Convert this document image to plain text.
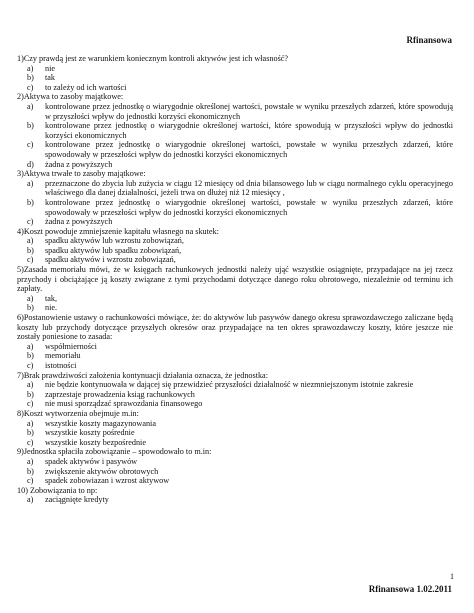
Rfinansowa
1)Czy prawdą jest ze warunkiem koniecznym kontroli aktywów jest ich własność?
a)	nie
b)	tak
c)	to zależy od ich wartości
2)Aktywa to zasoby majątkowe:
a)	kontrolowane przez jednostkę o wiarygodnie określonej wartości, powstałe w wyniku przeszłych zdarzeń, które spowodują w przyszłości wpływ do jednostki korzyści ekonomicznych
b)	kontrolowane przez jednostkę o wiarygodnie określonej wartości, które spowodują w przyszłości wpływ do jednostki korzyści ekonomicznych
c)	kontrolowane przez jednostkę o wiarygodnie określonej wartości, powstałe w wyniku przeszłych zdarzeń, które spowodowały w przeszłości wpływ do jednostki korzyści ekonomicznych
d)	żadna z powyższych
3)Aktywa trwałe to zasoby majątkowe:
a)	przeznaczone do zbycia lub zużycia w ciągu 12 miesięcy od dnia bilansowego lub w ciągu normalnego cyklu operacyjnego właściwego dla danej działalności, jeżeli trwa on dłużej niż 12 miesięcy ,
b)	kontrolowane przez jednostkę o wiarygodnie określonej wartości, powstałe w wyniku przeszłych zdarzeń, które spowodowały w przeszłości wpływ do jednostki korzyści ekonomicznych
c)	żadna z powyższych
4)Koszt powoduje zmniejszenie kapitału własnego na skutek:
a)	spadku aktywów lub wzrostu zobowiązań,
b)	spadku aktywów lub spadku zobowiązań,
c)	spadku aktywów i wzrostu zobowiązań,
5)Zasada memoriału mówi, że w księgach rachunkowych jednostki należy ująć wszystkie osiągnięte, przypadające na jej rzecz przychody i obciążające ją koszty związane z tymi przychodami dotyczące danego roku obrotowego, niezależnie od terminu ich zapłaty.
a)	tak,
b)	nie.
6)Postanowienie ustawy o rachunkowości mówiące, że: do aktywów lub pasywów danego okresu sprawozdawczego zaliczane będą koszty lub przychody dotyczące przyszłych okresów oraz przypadające na ten okres sprawozdawczy koszty, które jeszcze nie zostały poniesione to zasada:
a)	współmierności
b)	memoriału
c)	istotności
7)Brak prawdziwości założenia kontynuacji działania oznacza, że jednostka:
a)	nie będzie kontynuowała w dającej się przewidzieć przyszłości działalność w niezmniejszonym istotnie zakresie
b)	zaprzestaje prowadzenia ksiąg rachunkowych
c)	nie musi sporządzać sprawozdania finansowego
8)Koszt wytworzenia obejmuje m.in:
a)	wszystkie koszty magazynowania
b)	wszystkie koszty pośrednie
c)	wszystkie koszty bezpośrednie
9)Jednostka spłaciła zobowiązanie – spowodowało to m.in:
a)	spadek aktywów i pasywów
b)	zwiększenie aktywów obrotowych
c)	spadek zobowiazan i wzrost aktywow
10) Zobowiązania to np:
a)	zaciągnięte kredyty
1
Rfinansowa 1.02.2011
